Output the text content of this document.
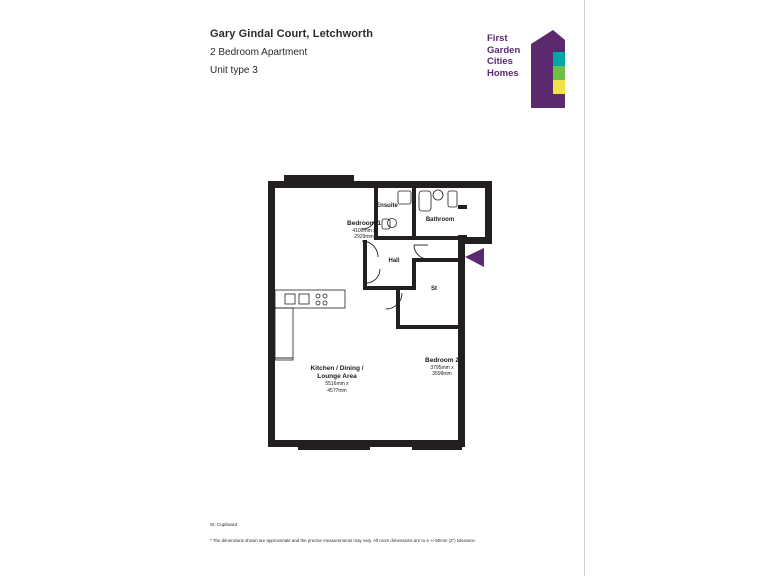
Gary Gindal Court, Letchworth
2 Bedroom Apartment
Unit type 3
First
Garden
Cities
Homes
Bedroom 1
4100mm x
2929mm
Ensuite
Bathroom
Hall
St
Bedroom 2
3795mm x
3599mm
Kitchen / Dining /
Lounge Area
5516mm x
4577mm
St: Cupboard
* The dimensions shown are approximate and the precise measurements may vary. All room dimensions are to a +/-50mm (2") tolerance.
